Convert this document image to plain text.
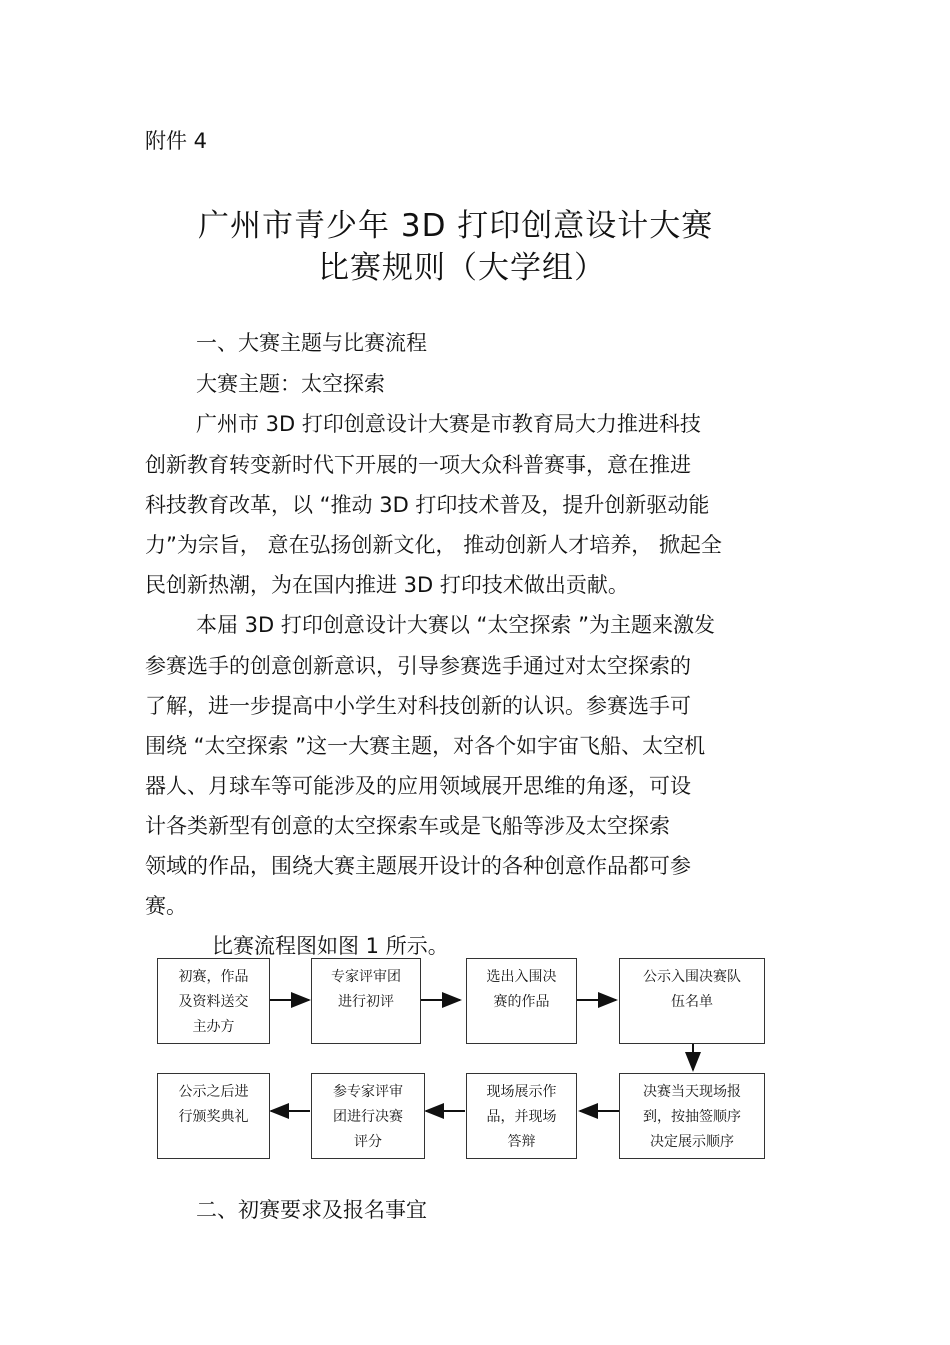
附件 4
广州市青少年 3D 打印创意设计大赛
比赛规则（大学组）
一、大赛主题与比赛流程
大赛主题：太空探索
广州市 3D 打印创意设计大赛是市教育局大力推进科技
创新教育转变新时代下开展的一项大众科普赛事，意在推进
科技教育改革，以 “推动 3D 打印技术普及，提升创新驱动能
力”为宗旨， 意在弘扬创新文化， 推动创新人才培养， 掀起全
民创新热潮，为在国内推进 3D 打印技术做出贡献。
本届 3D 打印创意设计大赛以 “太空探索 ”为主题来激发
参赛选手的创意创新意识，引导参赛选手通过对太空探索的
了解，进一步提高中小学生对科技创新的认识。参赛选手可
围绕 “太空探索 ”这一大赛主题，对各个如宇宙飞船、太空机
器人、月球车等可能涉及的应用领域展开思维的角逐，可设
计各类新型有创意的太空探索车或是飞船等涉及太空探索
领域的作品，围绕大赛主题展开设计的各种创意作品都可参
赛。
比赛流程图如图 1 所示。
初赛，作品
及资料送交
主办方
专家评审团
进行初评
选出入围决
赛的作品
公示入围决赛队
伍名单
公示之后进
行颁奖典礼
参专家评审
团进行决赛
评分
现场展示作
品，并现场
答辩
决赛当天现场报
到，按抽签顺序
决定展示顺序
二、初赛要求及报名事宜
